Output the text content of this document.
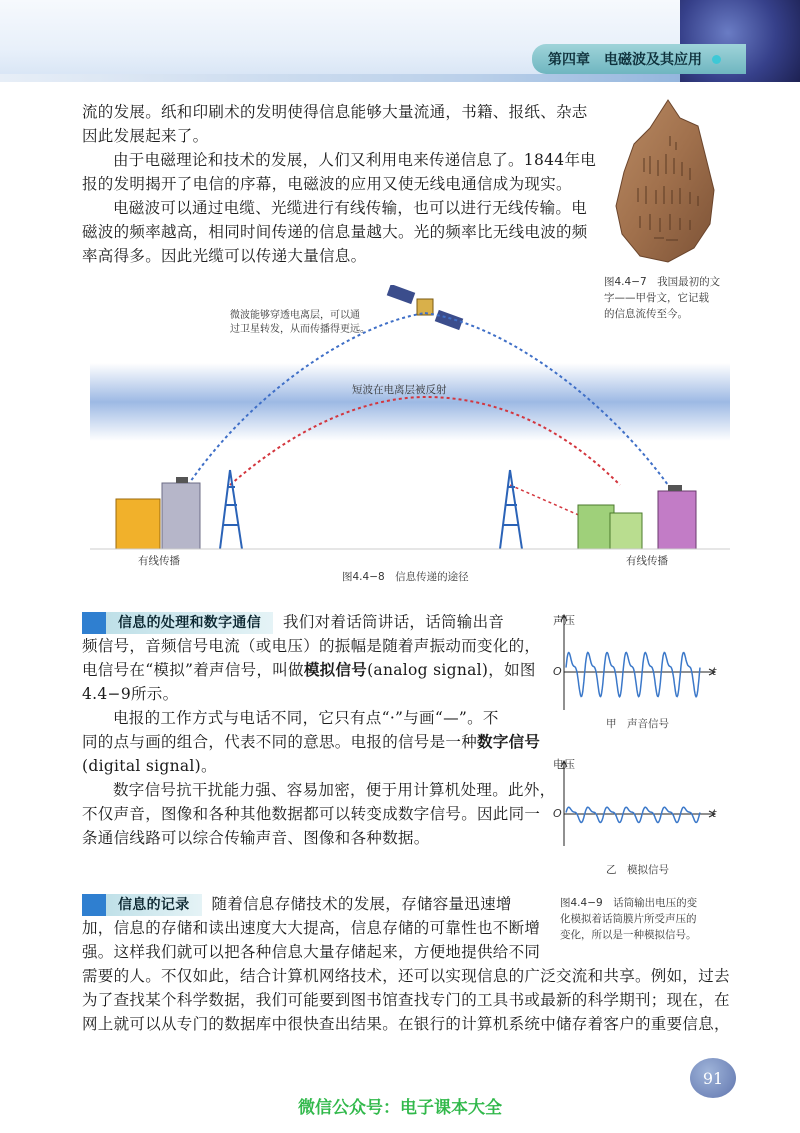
第四章 电磁波及其应用
流的发展。纸和印刷术的发明使得信息能够大量流通，书籍、报纸、杂志
因此发展起来了。
由于电磁理论和技术的发展，人们又利用电来传递信息了。1844年电
报的发明揭开了电信的序幕，电磁波的应用又使无线电通信成为现实。
电磁波可以通过电缆、光缆进行有线传输，也可以进行无线传输。电
磁波的频率越高，相同时间传递的信息量越大。光的频率比无线电波的频
率高得多。因此光缆可以传递大量信息。
图4.4−7　我国最初的文
字——甲骨文，它记载
的信息流传至今。
微波能够穿透电离层，可以通
过卫星转发，从而传播得更远。
短波在电离层被反射
有线传播	有线传播
图4.4−8　信息传递的途径
信息的处理和数字通信 我们对着话筒讲话，话筒输出音
频信号，音频信号电流（或电压）的振幅是随着声振动而变化的，
电信号在“模拟”着声信号，叫做模拟信号(analog signal)，如图
4.4−9所示。
电报的工作方式与电话不同，它只有点“·”与画“—”。不
同的点与画的组合，代表不同的意思。电报的信号是一种数字信号
(digital signal)。
数字信号抗干扰能力强、容易加密，便于用计算机处理。此外，
不仅声音，图像和各种其他数据都可以转变成数字信号。因此同一
条通信线路可以综合传输声音、图像和各种数据。
声压
O	t
甲　声音信号
电压
O	t
乙　模拟信号
图4.4−9　话筒输出电压的变
化模拟着话筒膜片所受声压的
变化，所以是一种模拟信号。
信息的记录 随着信息存储技术的发展，存储容量迅速增
加，信息的存储和读出速度大大提高，信息存储的可靠性也不断增
强。这样我们就可以把各种信息大量存储起来，方便地提供给不同
需要的人。不仅如此，结合计算机网络技术，还可以实现信息的广泛交流和共享。例如，过去
为了查找某个科学数据，我们可能要到图书馆查找专门的工具书或最新的科学期刊；现在，在
网上就可以从专门的数据库中很快查出结果。在银行的计算机系统中储存着客户的重要信息，
91
微信公众号：电子课本大全
